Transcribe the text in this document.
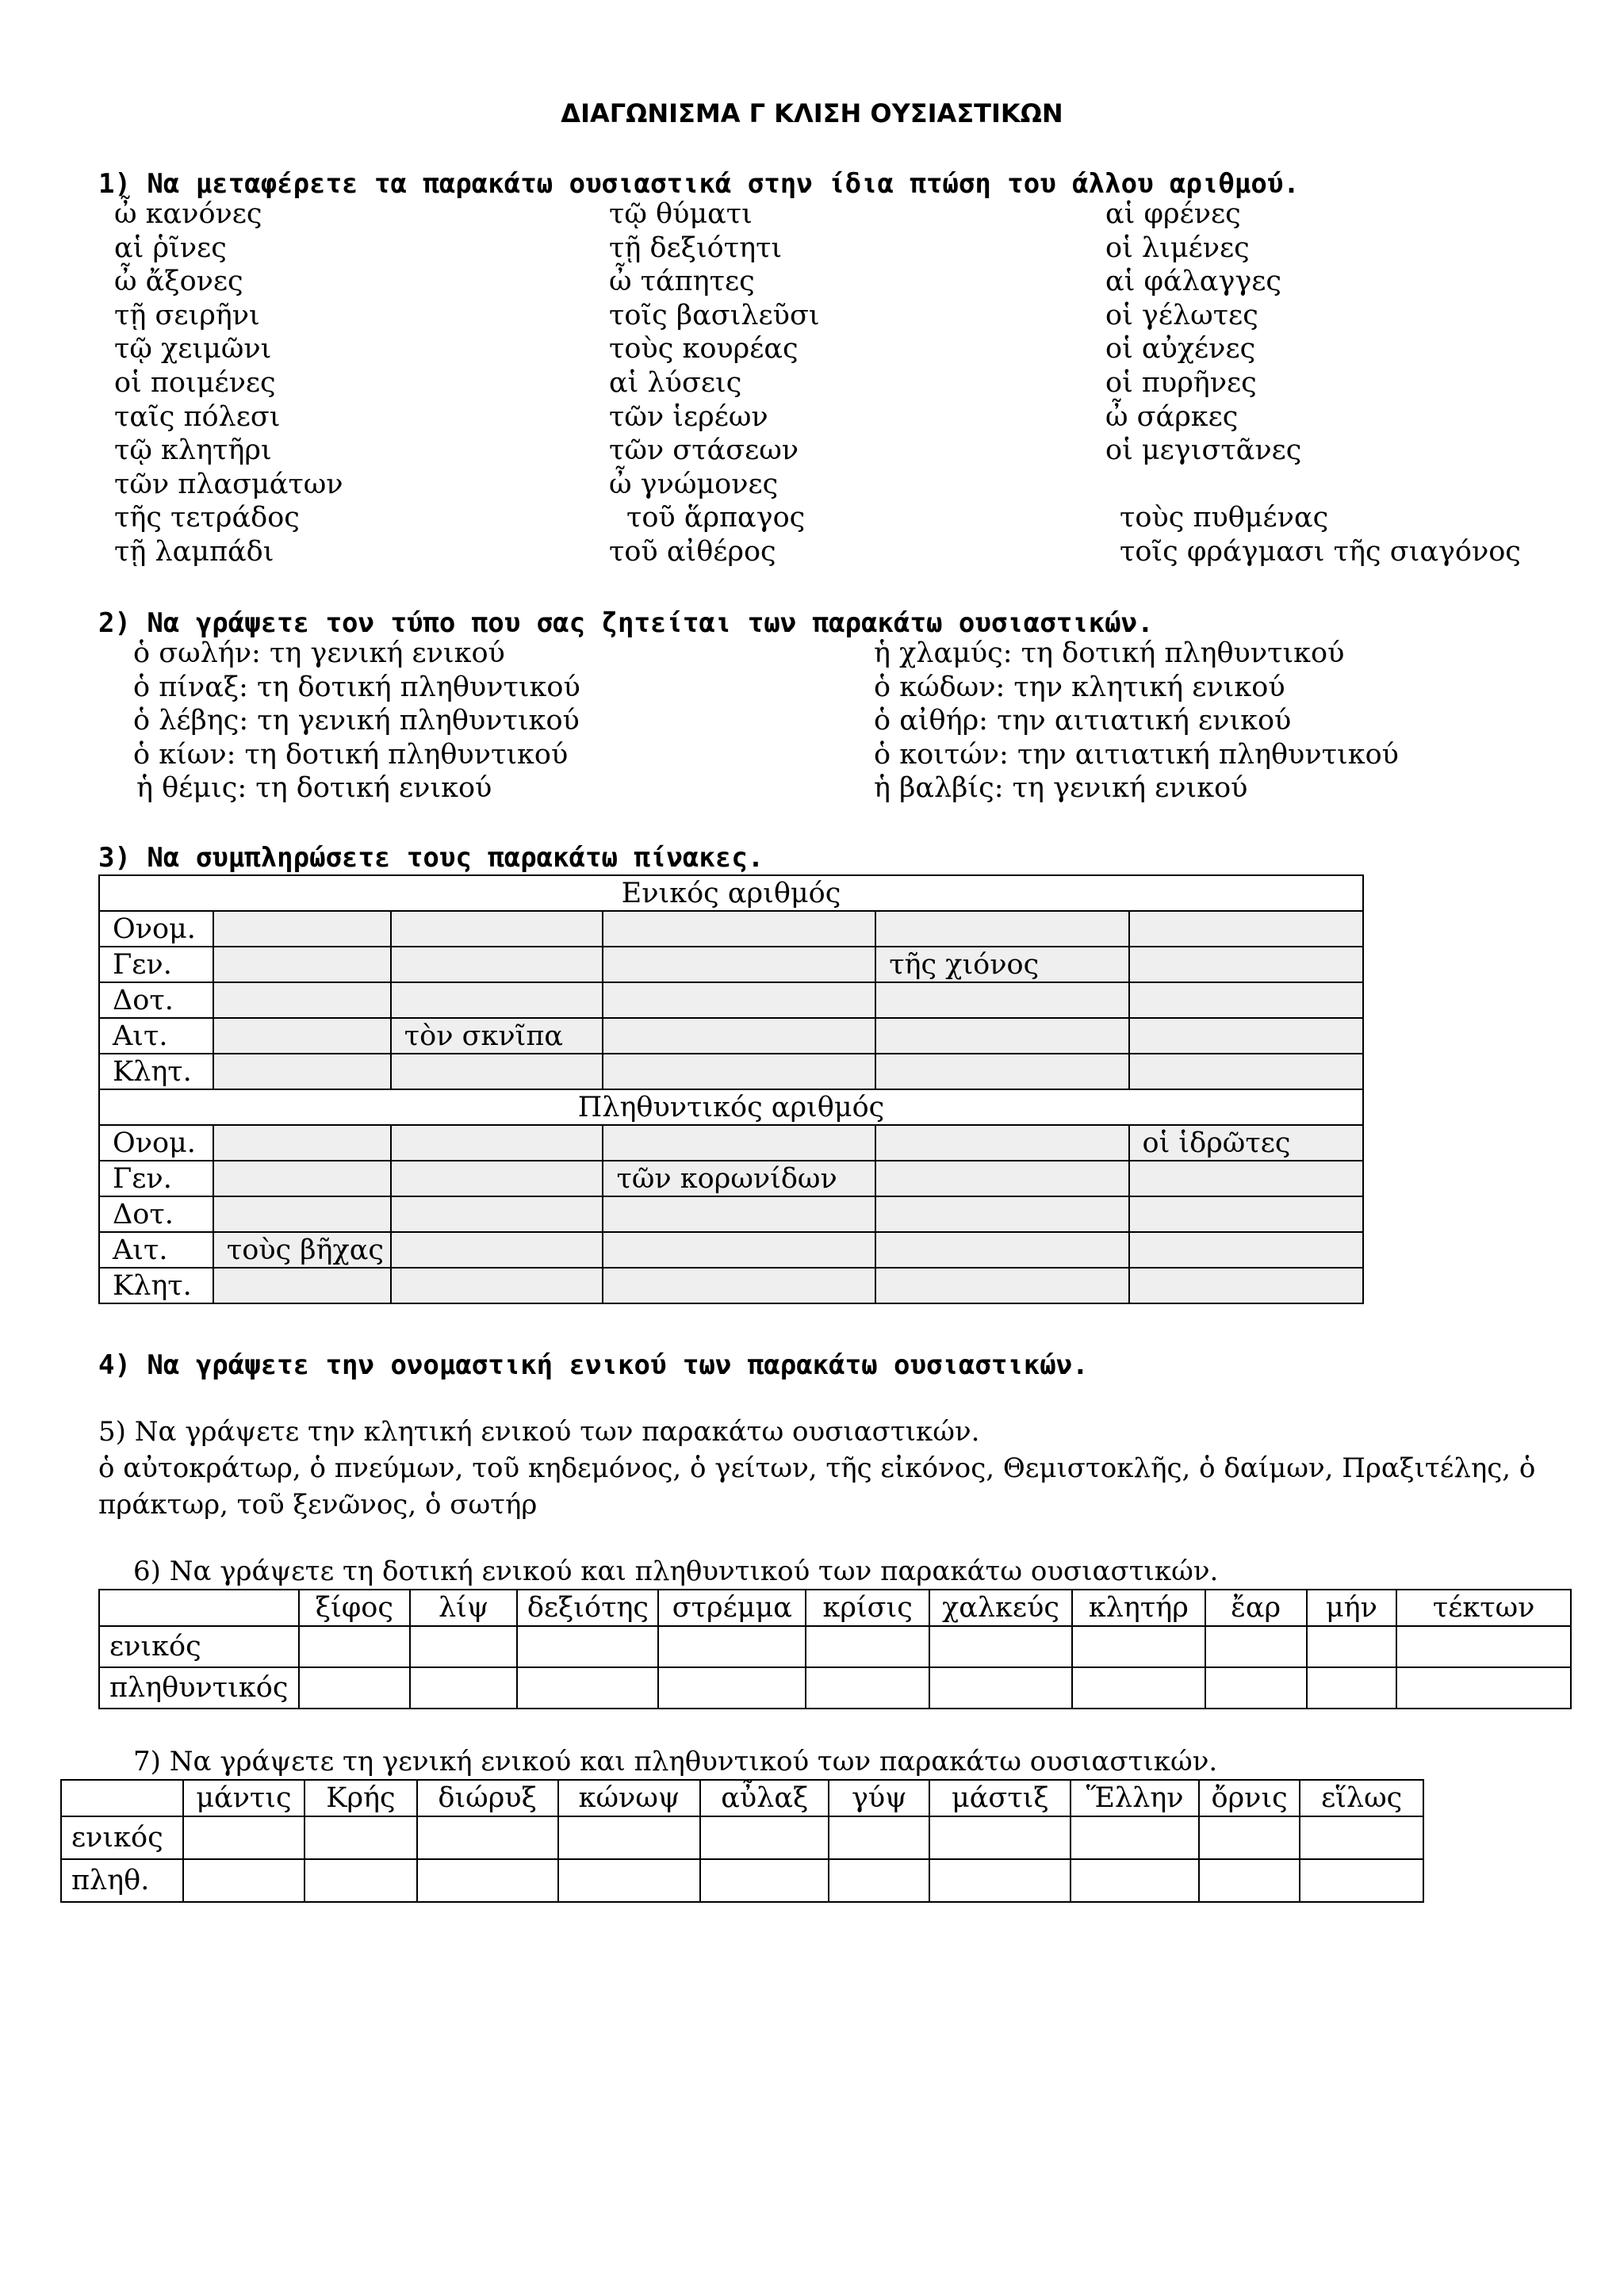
ΔΙΑΓΩΝΙΣΜΑ Γ ΚΛΙΣΗ ΟΥΣΙΑΣΤΙΚΩΝ
1) Να μεταφέρετε τα παρακάτω ουσιαστικά στην ίδια πτώση του άλλου αριθμού.
ὦ κανόνες
αἱ ῥῖνες
ὦ ἄξονες
τῇ σειρῆνι
τῷ χειμῶνι
οἱ ποιμένες
ταῖς πόλεσι
τῷ κλητῆρι
τῶν πλασμάτων
τῆς τετράδος
τῇ λαμπάδι
τῷ θύματι
τῇ δεξιότητι
ὦ τάπητες
τοῖς βασιλεῦσι
τοὺς κουρέας
αἱ λύσεις
τῶν ἱερέων
τῶν στάσεων
ὦ γνώμονες
τοῦ ἅρπαγος
τοῦ αἰθέρος
αἱ φρένες
οἱ λιμένες
αἱ φάλαγγες
οἱ γέλωτες
οἱ αὐχένες
οἱ πυρῆνες
ὦ σάρκες
οἱ μεγιστᾶνες
τοὺς πυθμένας
τοῖς φράγμασι τῆς σιαγόνος
2) Να γράψετε τον τύπο που σας ζητείται των παρακάτω ουσιαστικών.
ὁ σωλήν: τη γενική ενικού
ὁ πίναξ: τη δοτική πληθυντικού
ὁ λέβης: τη γενική πληθυντικού
ὁ κίων: τη δοτική πληθυντικού
ἡ θέμις: τη δοτική ενικού
ἡ χλαμύς: τη δοτική πληθυντικού
ὁ κώδων: την κλητική ενικού
ὁ αἰθήρ: την αιτιατική ενικού
ὁ κοιτών: την αιτιατική πληθυντικού
ἡ βαλβίς: τη γενική ενικού
3) Να συμπληρώσετε τους παρακάτω πίνακες.
Ενικός αριθμός					
Ονομ.					
Γεν.				τῆς χιόνος	
Δοτ.					
Αιτ.		τὸν σκνῖπα			
Κλητ.					
Πληθυντικός αριθμός					
Ονομ.					οἱ ἱδρῶτες
Γεν.			τῶν κορωνίδων		
Δοτ.					
Αιτ.	τοὺς βῆχας				
Κλητ.					
4) Να γράψετε την ονομαστική ενικού των παρακάτω ουσιαστικών.
5) Να γράψετε την κλητική ενικού των παρακάτω ουσιαστικών.
ὁ αὐτοκράτωρ, ὁ πνεύμων, τοῦ κηδεμόνος, ὁ γείτων, τῆς εἰκόνος, Θεμιστοκλῆς, ὁ δαίμων, Πραξιτέλης, ὁ
πράκτωρ, τοῦ ξενῶνος, ὁ σωτήρ
6) Να γράψετε τη δοτική ενικού και πληθυντικού των παρακάτω ουσιαστικών.
	ξίφος	λίψ	δεξιότης	στρέμμα	κρίσις	χαλκεύς	κλητήρ	ἔαρ	μήν	τέκτων
ενικός										
πληθυντικός										
7) Να γράψετε τη γενική ενικού και πληθυντικού των παρακάτω ουσιαστικών.
	μάντις	Κρής	διώρυξ	κώνωψ	αὖλαξ	γύψ	μάστιξ	Ἕλλην	ὄρνις	εἵλως
ενικός										
πληθ.										
